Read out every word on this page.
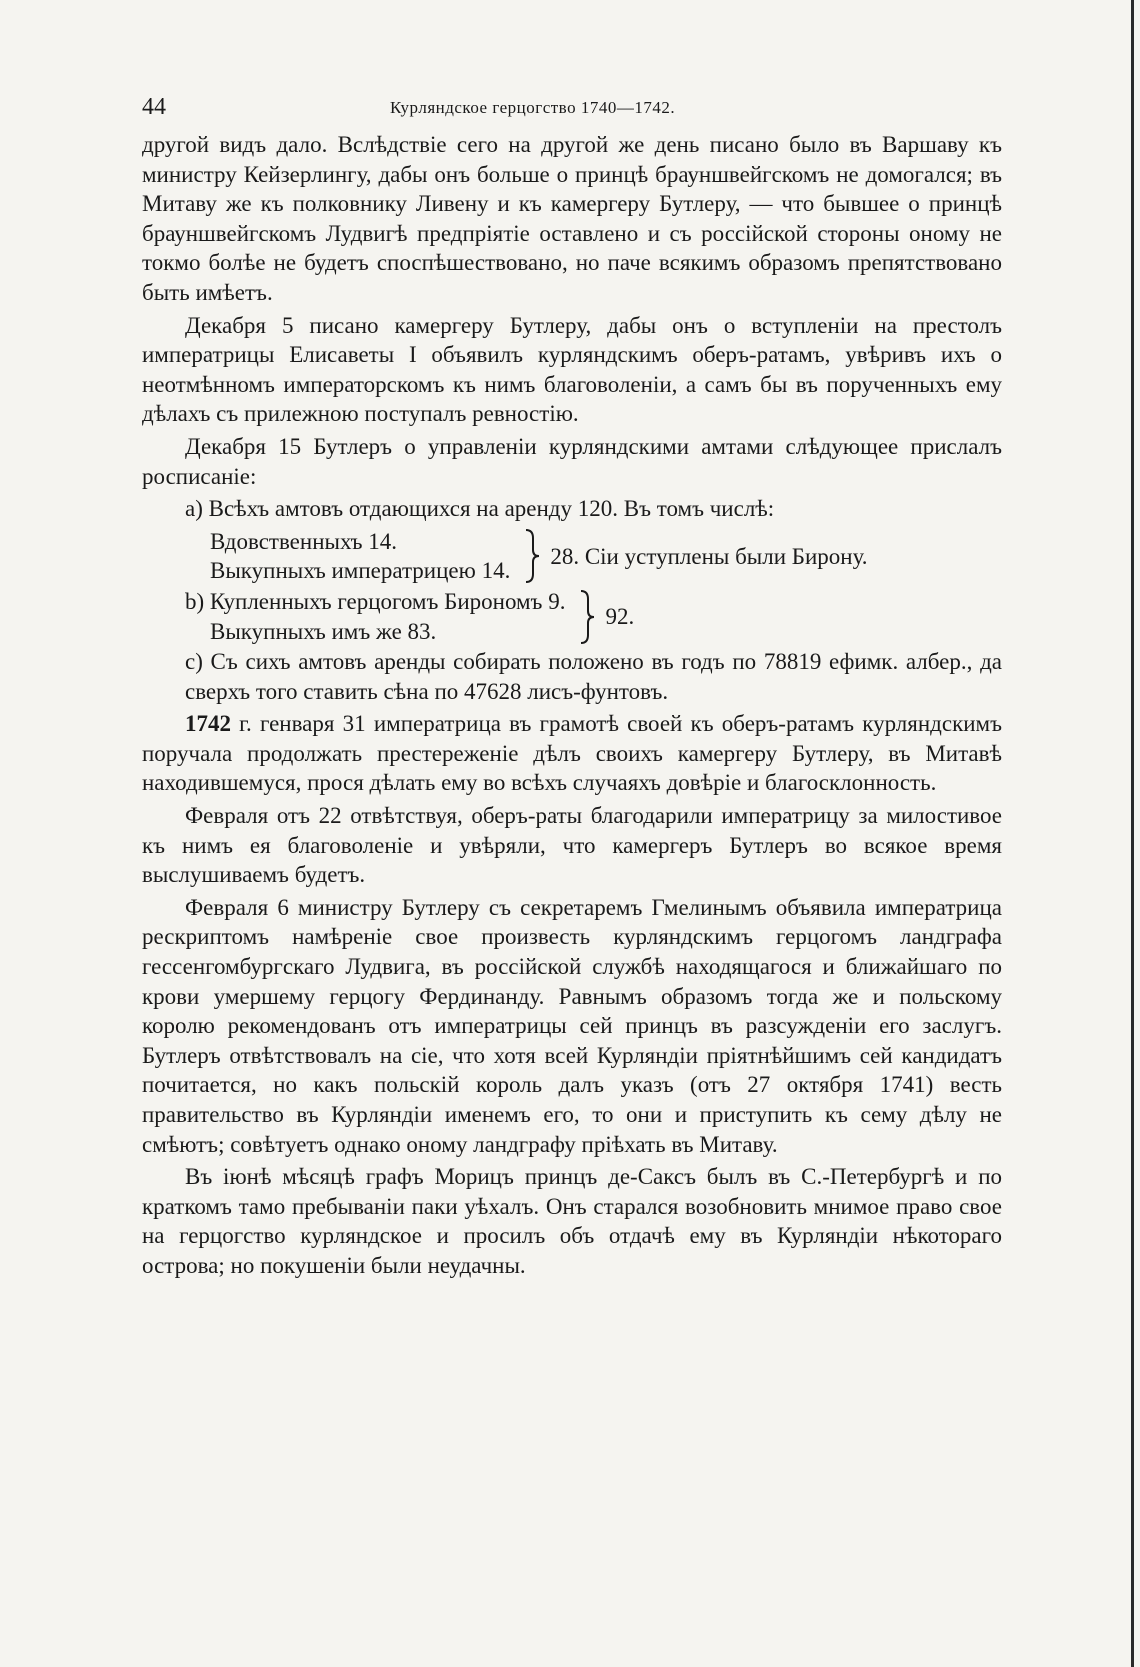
44	Курляндское герцогство 1740—1742.

другой видъ дало. Вслѣдствіе сего на другой же день писано было въ Варшаву къ министру Кейзерлингу, дабы онъ больше о принцѣ брауншвейгскомъ не домогался; въ Митаву же къ полковнику Ливену и къ камергеру Бутлеру, — что бывшее о принцѣ брауншвейгскомъ Лудвигѣ предпріятіе оставлено и съ россійской стороны оному не токмо болѣе не будетъ споспѣшествовано, но паче всякимъ образомъ препятствовано быть имѣетъ.

Декабря 5 писано камергеру Бутлеру, дабы онъ о вступленіи на престолъ императрицы Елисаветы I объявилъ курляндскимъ оберъ-ратамъ, увѣривъ ихъ о неотмѣнномъ императорскомъ къ нимъ благоволеніи, а самъ бы въ порученныхъ ему дѣлахъ съ прилежною поступалъ ревностію.

Декабря 15 Бутлеръ о управленіи курляндскими амтами слѣдующее прислалъ росписаніе:

а) Всѣхъ амтовъ отдающихся на аренду 120. Въ томъ числѣ:
Вдовственныхъ 14.
Выкупныхъ императрицею 14.
28. Сіи уступлены были Бирону.
b) Купленныхъ герцогомъ Бирономъ 9.
Выкупныхъ имъ же 83.
92.
c) Съ сихъ амтовъ аренды собирать положено въ годъ по 78819 ефимк. албер., да сверхъ того ставить сѣна по 47628 лисъ-фунтовъ.

1742 г. генваря 31 императрица въ грамотѣ своей къ оберъ-ратамъ курляндскимъ поручала продолжать престереженіе дѣлъ своихъ камергеру Бутлеру, въ Митавѣ находившемуся, прося дѣлать ему во всѣхъ случаяхъ довѣріе и благосклонность.

Февраля отъ 22 отвѣтствуя, оберъ-раты благодарили императрицу за милостивое къ нимъ ея благоволеніе и увѣряли, что камергеръ Бутлеръ во всякое время выслушиваемъ будетъ.

Февраля 6 министру Бутлеру съ секретаремъ Гмелинымъ объявила императрица рескриптомъ намѣреніе свое произвесть курляндскимъ герцогомъ ландграфа гессенгомбургскаго Лудвига, въ россійской службѣ находящагося и ближайшаго по крови умершему герцогу Фердинанду. Равнымъ образомъ тогда же и польскому королю рекомендованъ отъ императрицы сей принцъ въ разсужденіи его заслугъ. Бутлеръ отвѣтствовалъ на сіе, что хотя всей Курляндіи пріятнѣйшимъ сей кандидатъ почитается, но какъ польскій король далъ указъ (отъ 27 октября 1741) весть правительство въ Курляндіи именемъ его, то они и приступить къ сему дѣлу не смѣютъ; совѣтуетъ однако оному ландграфу пріѣхать въ Митаву.

Въ іюнѣ мѣсяцѣ графъ Морицъ принцъ де-Саксъ былъ въ С.-Петербургѣ и по краткомъ тамо пребываніи паки уѣхалъ. Онъ старался возобновить мнимое право свое на герцогство курляндское и просилъ объ отдачѣ ему въ Курляндіи нѣкотораго острова; но покушеніи были неудачны.
